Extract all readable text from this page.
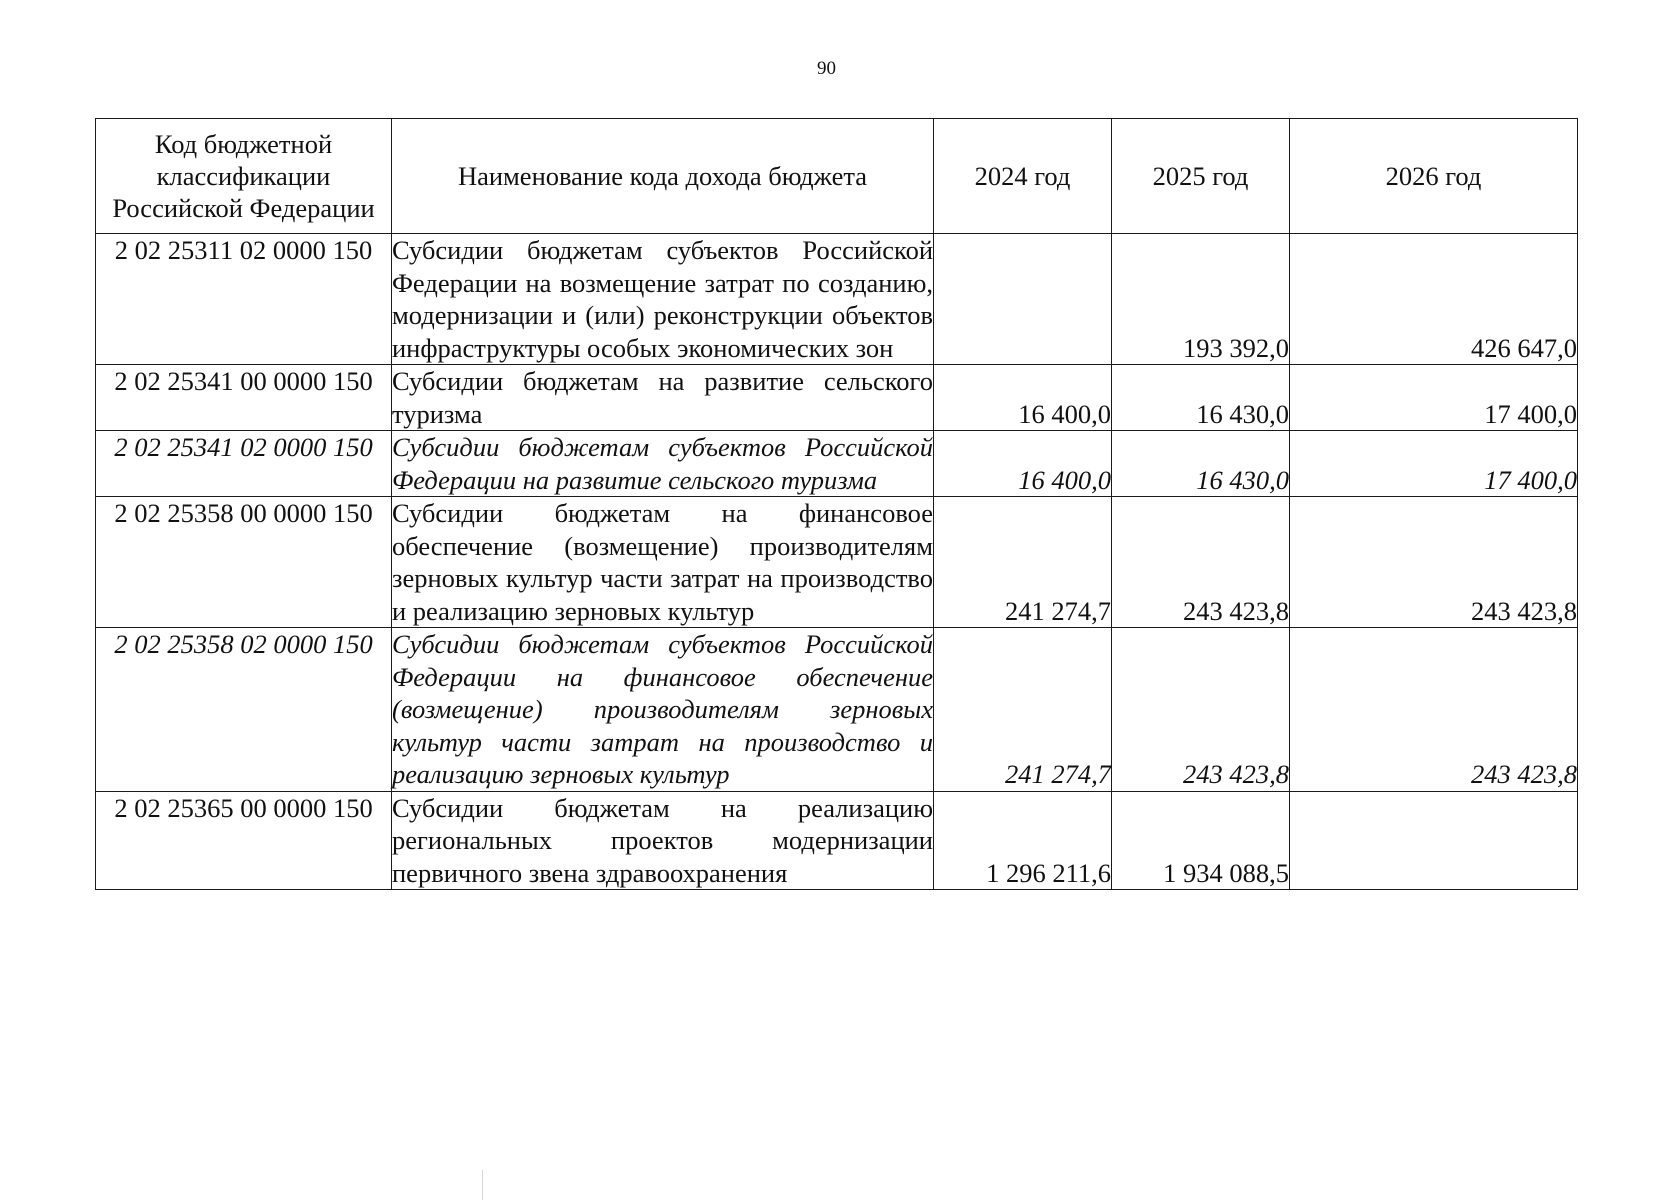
90
Код бюджетной классификации Российской Федерации	Наименование кода дохода бюджета	2024 год	2025 год	2026 год
2 02 25311 02 0000 150	Субсидии бюджетам субъектов Российской Федерации на возмещение затрат по созданию, модернизации и (или) реконструкции объектов инфраструктуры особых экономических зон		193 392,0	426 647,0
2 02 25341 00 0000 150	Субсидии бюджетам на развитие сельского туризма	16 400,0	16 430,0	17 400,0
2 02 25341 02 0000 150	Субсидии бюджетам субъектов Российской Федерации на развитие сельского туризма	16 400,0	16 430,0	17 400,0
2 02 25358 00 0000 150	Субсидии бюджетам на финансовое обеспечение (возмещение) производителям зерновых культур части затрат на производство и реализацию зерновых культур	241 274,7	243 423,8	243 423,8
2 02 25358 02 0000 150	Субсидии бюджетам субъектов Российской Федерации на финансовое обеспечение (возмещение) производителям зерновых культур части затрат на производство и реализацию зерновых культур	241 274,7	243 423,8	243 423,8
2 02 25365 00 0000 150	Субсидии бюджетам на реализацию региональных проектов модернизации первичного звена здравоохранения	1 296 211,6	1 934 088,5	
